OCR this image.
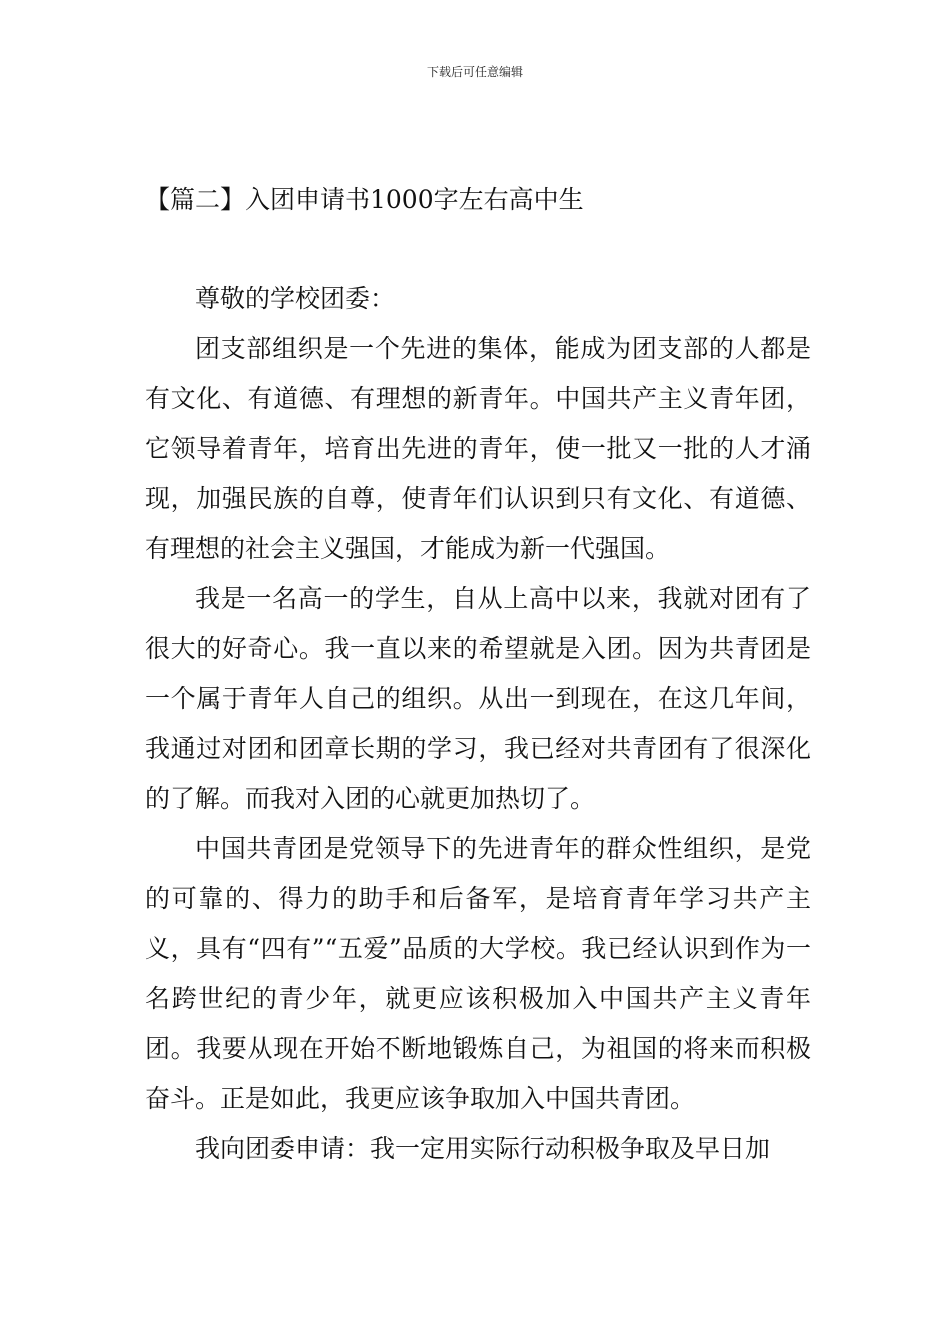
下载后可任意编辑
【篇二】入团申请书1000字左右高中生

尊敬的学校团委：

团支部组织是一个先进的集体，能成为团支部的人都是有文化、有道德、有理想的新青年。中国共产主义青年团，它领导着青年，培育出先进的青年，使一批又一批的人才涌现，加强民族的自尊，使青年们认识到只有文化、有道德、有理想的社会主义强国，才能成为新一代强国。

我是一名高一的学生，自从上高中以来，我就对团有了很大的好奇心。我一直以来的希望就是入团。因为共青团是一个属于青年人自己的组织。从出一到现在，在这几年间，我通过对团和团章长期的学习，我已经对共青团有了很深化的了解。而我对入团的心就更加热切了。

中国共青团是党领导下的先进青年的群众性组织，是党的可靠的、得力的助手和后备军，是培育青年学习共产主义，具有“四有”“五爱”品质的大学校。我已经认识到作为一名跨世纪的青少年，就更应该积极加入中国共产主义青年团。我要从现在开始不断地锻炼自己，为祖国的将来而积极奋斗。正是如此，我更应该争取加入中国共青团。

我向团委申请：我一定用实际行动积极争取及早日加
